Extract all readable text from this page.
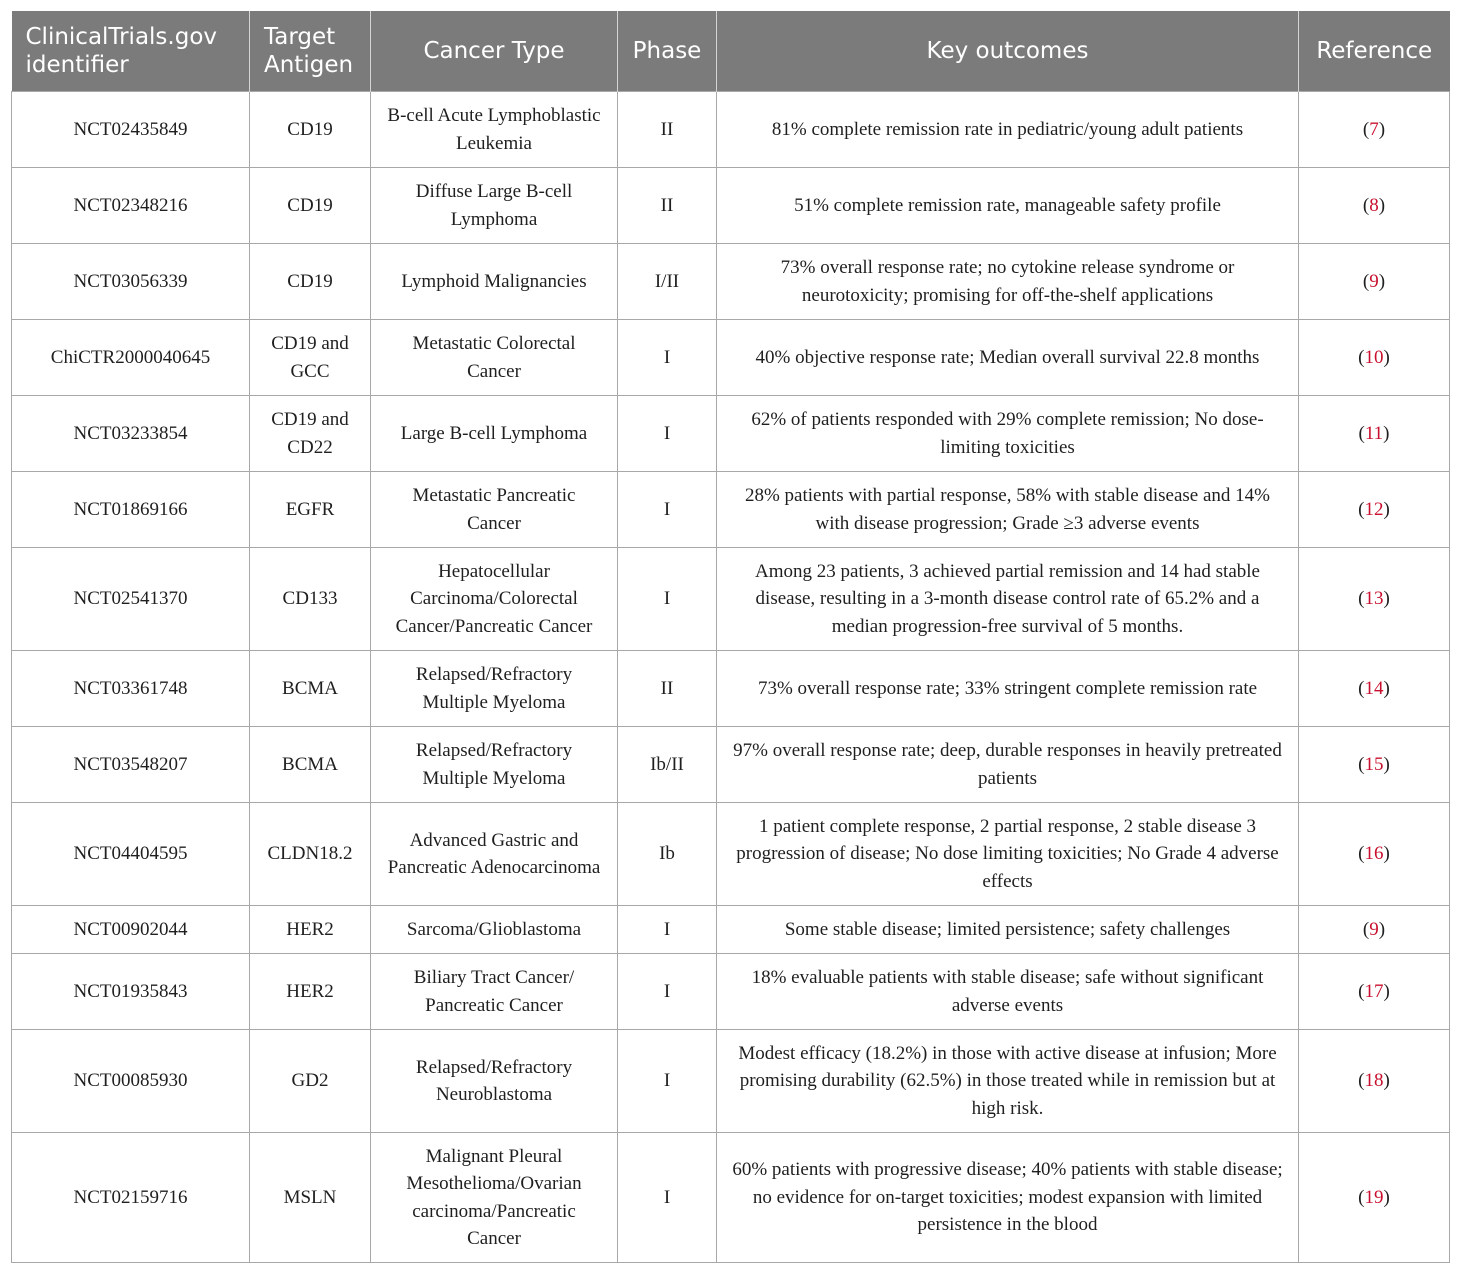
ClinicalTrials.gov identifier	Target Antigen	Cancer Type	Phase	Key outcomes	Reference
NCT02435849	CD19	B-cell Acute Lymphoblastic Leukemia	II	81% complete remission rate in pediatric/young adult patients	(7)
NCT02348216	CD19	Diffuse Large B-cell Lymphoma	II	51% complete remission rate, manageable safety profile	(8)
NCT03056339	CD19	Lymphoid Malignancies	I/II	73% overall response rate; no cytokine release syndrome or neurotoxicity; promising for off-the-shelf applications	(9)
ChiCTR2000040645	CD19 and GCC	Metastatic Colorectal Cancer	I	40% objective response rate; Median overall survival 22.8 months	(10)
NCT03233854	CD19 and CD22	Large B-cell Lymphoma	I	62% of patients responded with 29% complete remission; No dose-limiting toxicities	(11)
NCT01869166	EGFR	Metastatic Pancreatic Cancer	I	28% patients with partial response, 58% with stable disease and 14% with disease progression; Grade ≥3 adverse events	(12)
NCT02541370	CD133	Hepatocellular Carcinoma/Colorectal Cancer/Pancreatic Cancer	I	Among 23 patients, 3 achieved partial remission and 14 had stable disease, resulting in a 3-month disease control rate of 65.2% and a median progression-free survival of 5 months.	(13)
NCT03361748	BCMA	Relapsed/Refractory Multiple Myeloma	II	73% overall response rate; 33% stringent complete remission rate	(14)
NCT03548207	BCMA	Relapsed/Refractory Multiple Myeloma	Ib/II	97% overall response rate; deep, durable responses in heavily pretreated patients	(15)
NCT04404595	CLDN18.2	Advanced Gastric and Pancreatic Adenocarcinoma	Ib	1 patient complete response, 2 partial response, 2 stable disease 3 progression of disease; No dose limiting toxicities; No Grade 4 adverse effects	(16)
NCT00902044	HER2	Sarcoma/Glioblastoma	I	Some stable disease; limited persistence; safety challenges	(9)
NCT01935843	HER2	Biliary Tract Cancer/ Pancreatic Cancer	I	18% evaluable patients with stable disease; safe without significant adverse events	(17)
NCT00085930	GD2	Relapsed/Refractory Neuroblastoma	I	Modest efficacy (18.2%) in those with active disease at infusion; More promising durability (62.5%) in those treated while in remission but at high risk.	(18)
NCT02159716	MSLN	Malignant Pleural Mesothelioma/Ovarian carcinoma/Pancreatic Cancer	I	60% patients with progressive disease; 40% patients with stable disease; no evidence for on-target toxicities; modest expansion with limited persistence in the blood	(19)
